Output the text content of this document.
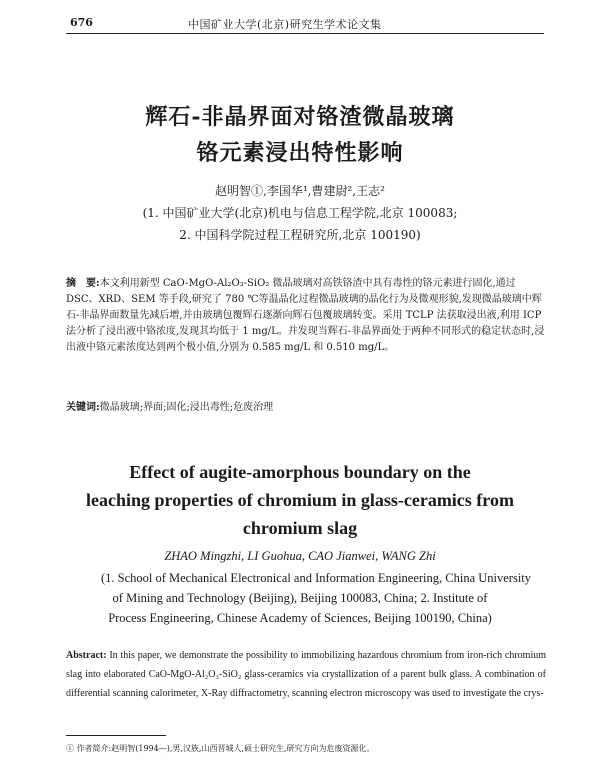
676	中国矿业大学(北京)研究生学术论文集
辉石-非晶界面对铬渣微晶玻璃
铬元素浸出特性影响
赵明智①,李国华¹,曹建尉²,王志²
(1. 中国矿业大学(北京)机电与信息工程学院,北京 100083;
2. 中国科学院过程工程研究所,北京 100190)
摘　要:本文利用新型 CaO-MgO-Al₂O₃-SiO₂ 微晶玻璃对高铁铬渣中具有毒性的铬元素进行固化,通过 DSC、XRD、SEM 等手段,研究了 780 ℃等温晶化过程微晶玻璃的晶化行为及微观形貌,发现微晶玻璃中辉石-非晶界面数量先减后增,并由玻璃包覆辉石逐渐向辉石包覆玻璃转变。采用 TCLP 法获取浸出液,利用 ICP 法分析了浸出液中铬浓度,发现其均低于 1 mg/L。并发现当辉石-非晶界面处于两种不同形式的稳定状态时,浸出液中铬元素浓度达到两个极小值,分别为 0.585 mg/L 和 0.510 mg/L。
关键词:微晶玻璃;界面;固化;浸出毒性;危废治理
Effect of augite-amorphous boundary on the
leaching properties of chromium in glass-ceramics from
chromium slag
ZHAO Mingzhi, LI Guohua, CAO Jianwei, WANG Zhi
(1. School of Mechanical Electronical and Information Engineering, China University
of Mining and Technology (Beijing), Beijing 100083, China; 2. Institute of
Process Engineering, Chinese Academy of Sciences, Beijing 100190, China)
Abstract: In this paper, we demonstrate the possibility to immobilizing hazardous chromium from iron-rich chromium slag into elaborated CaO-MgO-Al₂O₃-SiO₂ glass-ceramics via crystallization of a parent bulk glass. A combination of differential scanning calorimeter, X-Ray diffractometry, scanning electron microscopy was used to investigate the crys-
① 作者简介:赵明智(1994—),男,汉族,山西晋城人,硕士研究生,研究方向为危废资源化。
